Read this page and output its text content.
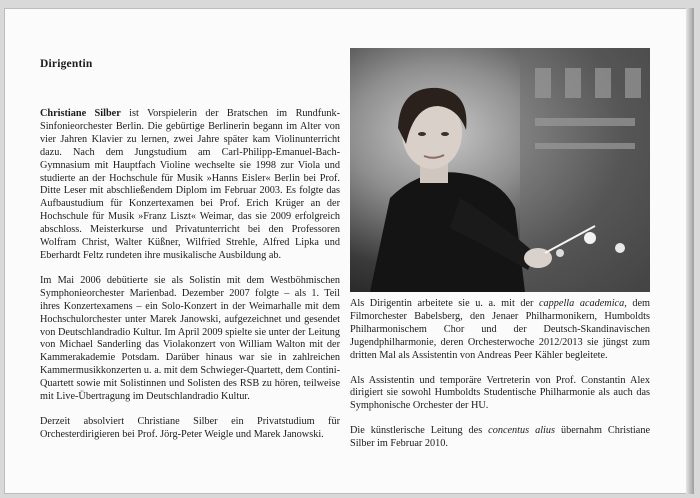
Dirigentin

Christiane Silber ist Vorspielerin der Bratschen im Rundfunk-Sinfonieorchester Berlin. Die gebürtige Berlinerin begann im Alter von vier Jahren Klavier zu lernen, zwei Jahre später kam Violinunterricht dazu. Nach dem Jungstudium am Carl-Philipp-Emanuel-Bach-Gymnasium mit Hauptfach Violine wechselte sie 1998 zur Viola und studierte an der Hochschule für Musik »Hanns Eisler« Berlin bei Prof. Ditte Leser mit abschließendem Diplom im Februar 2003. Es folgte das Aufbaustudium für Konzertexamen bei Prof. Erich Krüger an der Hochschule für Musik »Franz Liszt« Weimar, das sie 2009 erfolgreich abschloss. Meisterkurse und Privatunterricht bei den Professoren Wolfram Christ, Walter Küßner, Wilfried Strehle, Alfred Lipka und Eberhardt Feltz rundeten ihre musikalische Ausbildung ab.

Im Mai 2006 debütierte sie als Solistin mit dem Westböhmischen Symphonieorchester Marienbad. Dezember 2007 folgte – als 1. Teil ihres Konzertexamens – ein Solo-Konzert in der Weimarhalle mit dem Hochschulorchester unter Marek Janowski, aufgezeichnet und gesendet von Deutschlandradio Kultur. Im April 2009 spielte sie unter der Leitung von Michael Sanderling das Violakonzert von William Walton mit der Kammerakademie Potsdam. Darüber hinaus war sie in zahlreichen Kammermusikkonzerten u. a. mit dem Schwieger-Quartett, dem Contini-Quartett sowie mit Solistinnen und Solisten des RSB zu hören, teilweise mit Live-Übertragung im Deutschlandradio Kultur.

Derzeit absolviert Christiane Silber ein Privatstudium für Orchesterdirigieren bei Prof. Jörg-Peter Weigle und Marek Janowski.

Als Dirigentin arbeitete sie u. a. mit der cappella academica, dem Filmorchester Babelsberg, den Jenaer Philharmonikern, Humboldts Philharmonischem Chor und der Deutsch-Skandinavischen Jugendphilharmonie, deren Orchesterwoche 2012/2013 sie jüngst zum dritten Mal als Assistentin von Andreas Peer Kähler begleitete.

Als Assistentin und temporäre Vertreterin von Prof. Constantin Alex dirigiert sie sowohl Humboldts Studentische Philharmonie als auch das Symphonische Orchester der HU.

Die künstlerische Leitung des concentus alius übernahm Christiane Silber im Februar 2010.
